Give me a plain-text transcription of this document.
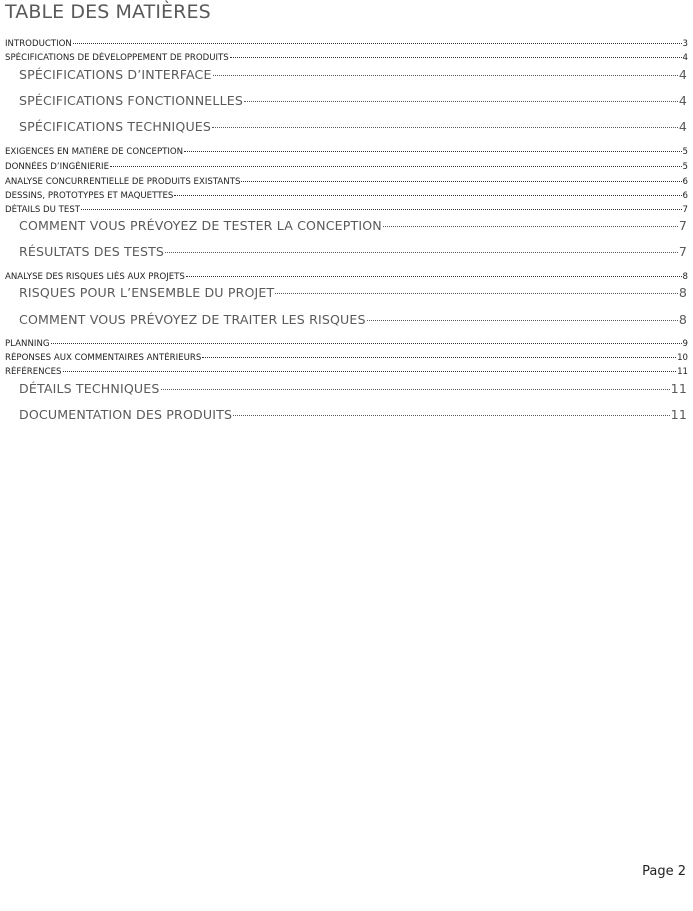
TABLE DES MATIÈRES
INTRODUCTION	3
SPÉCIFICATIONS DE DÉVELOPPEMENT DE PRODUITS	4
SPÉCIFICATIONS D’INTERFACE	4
SPÉCIFICATIONS FONCTIONNELLES	4
SPÉCIFICATIONS TECHNIQUES	4
EXIGENCES EN MATIÈRE DE CONCEPTION	5
DONNÉES D’INGÉNIERIE	5
ANALYSE CONCURRENTIELLE DE PRODUITS EXISTANTS	6
DESSINS, PROTOTYPES ET MAQUETTES	6
DÉTAILS DU TEST	7
COMMENT VOUS PRÉVOYEZ DE TESTER LA CONCEPTION	7
RÉSULTATS DES TESTS	7
ANALYSE DES RISQUES LIÉS AUX PROJETS	8
RISQUES POUR L’ENSEMBLE DU PROJET	8
COMMENT VOUS PRÉVOYEZ DE TRAITER LES RISQUES	8
PLANNING	9
RÉPONSES AUX COMMENTAIRES ANTÉRIEURS	10
RÉFÉRENCES	11
DÉTAILS TECHNIQUES	11
DOCUMENTATION DES PRODUITS	11
Page 2
